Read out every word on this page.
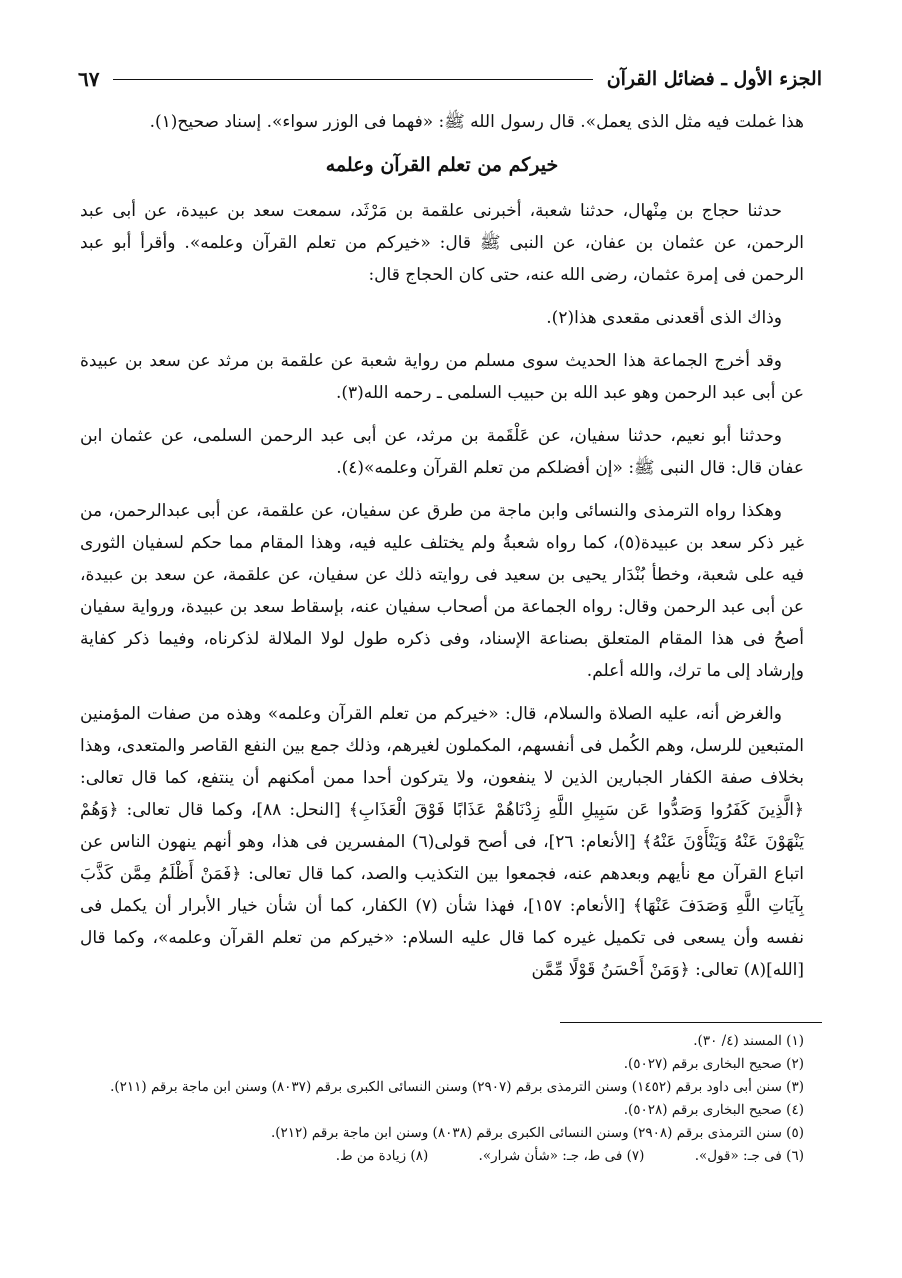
الجزء الأول ـ فضائل القرآن
٦٧

هذا غملت فيه مثل الذى يعمل». قال رسول الله ﷺ: «فهما فى الوزر سواء». إسناد صحيح(١).

خيركم من تعلم القرآن وعلمه

حدثنا حجاج بن مِنْهال، حدثنا شعبة، أخبرنى علقمة بن مَرْثَد، سمعت سعد بن عبيدة، عن أبى عبد الرحمن، عن عثمان بن عفان، عن النبى ﷺ قال: «خيركم من تعلم القرآن وعلمه». وأقرأ أبو عبد الرحمن فى إمرة عثمان، رضى الله عنه، حتى كان الحجاج قال:

وذاك الذى أقعدنى مقعدى هذا(٢).

وقد أخرج الجماعة هذا الحديث سوى مسلم من رواية شعبة عن علقمة بن مرثد عن سعد بن عبيدة عن أبى عبد الرحمن وهو عبد الله بن حبيب السلمى ـ رحمه الله(٣).

وحدثنا أبو نعيم، حدثنا سفيان، عن عَلْقَمة بن مرثد، عن أبى عبد الرحمن السلمى، عن عثمان ابن عفان قال: قال النبى ﷺ: «إن أفضلكم من تعلم القرآن وعلمه»(٤).

وهكذا رواه الترمذى والنسائى وابن ماجة من طرق عن سفيان، عن علقمة، عن أبى عبدالرحمن، من غير ذكر سعد بن عبيدة(٥)، كما رواه شعبةُ ولم يختلف عليه فيه، وهذا المقام مما حكم لسفيان الثورى فيه على شعبة، وخطأ بُنْدَار يحيى بن سعيد فى روايته ذلك عن سفيان، عن علقمة، عن سعد بن عبيدة، عن أبى عبد الرحمن وقال: رواه الجماعة من أصحاب سفيان عنه، بإسقاط سعد بن عبيدة، ورواية سفيان أصحُ فى هذا المقام المتعلق بصناعة الإسناد، وفى ذكره طول لولا الملالة لذكرناه، وفيما ذكر كفاية وإرشاد إلى ما ترك، والله أعلم.

والغرض أنه، عليه الصلاة والسلام، قال: «خيركم من تعلم القرآن وعلمه» وهذه من صفات المؤمنين المتبعين للرسل، وهم الكُمل فى أنفسهم، المكملون لغيرهم، وذلك جمع بين النفع القاصر والمتعدى، وهذا بخلاف صفة الكفار الجبارين الذين لا ينفعون، ولا يتركون أحدا ممن أمكنهم أن ينتفع، كما قال تعالى: ﴿الَّذِينَ كَفَرُوا وَصَدُّوا عَن سَبِيلِ اللَّهِ زِدْنَاهُمْ عَذَابًا فَوْقَ الْعَذَابِ﴾ [النحل: ٨٨]، وكما قال تعالى: ﴿وَهُمْ يَنْهَوْنَ عَنْهُ وَيَنْأَوْنَ عَنْهُ﴾ [الأنعام: ٢٦]، فى أصح قولى(٦) المفسرين فى هذا، وهو أنهم ينهون الناس عن اتباع القرآن مع نأيهم وبعدهم عنه، فجمعوا بين التكذيب والصد، كما قال تعالى: ﴿فَمَنْ أَظْلَمُ مِمَّن كَذَّبَ بِآيَاتِ اللَّهِ وَصَدَفَ عَنْهَا﴾ [الأنعام: ١٥٧]، فهذا شأن (٧) الكفار، كما أن شأن خيار الأبرار أن يكمل فى نفسه وأن يسعى فى تكميل غيره كما قال عليه السلام: «خيركم من تعلم القرآن وعلمه»، وكما قال [الله](٨) تعالى: ﴿وَمَنْ أَحْسَنُ قَوْلًا مِّمَّن

(١) المسند (٤/ ٣٠).
(٢) صحيح البخارى برقم (٥٠٢٧).
(٣) سنن أبى داود برقم (١٤٥٢) وسنن الترمذى برقم (٢٩٠٧) وسنن النسائى الكبرى برقم (٨٠٣٧) وسنن ابن ماجة برقم (٢١١).
(٤) صحيح البخارى برقم (٥٠٢٨).
(٥) سنن الترمذى برقم (٢٩٠٨) وسنن النسائى الكبرى برقم (٨٠٣٨) وسنن ابن ماجة برقم (٢١٢).
(٦) فى جـ: «قول». (٧) فى ط، جـ: «شأن شرار». (٨) زيادة من ط.
